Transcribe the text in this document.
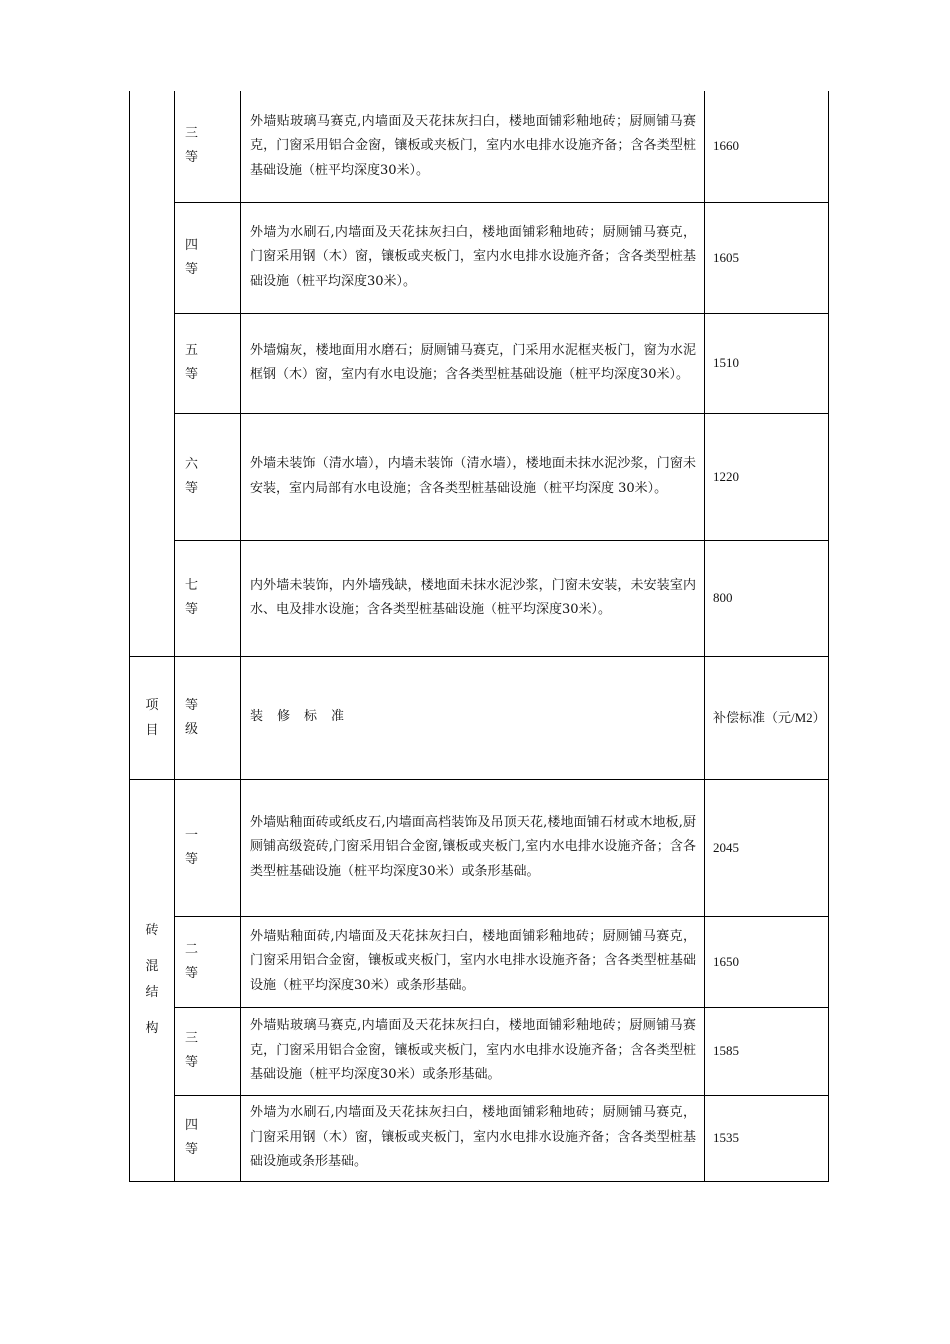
	三
等	外墙贴玻璃马赛克,内墙面及天花抹灰扫白，楼地面铺彩釉地砖；厨厕铺马赛克，门窗采用铝合金窗，镶板或夹板门，室内水电排水设施齐备；含各类型桩基础设施（桩平均深度30米）。	1660

	四
等	外墙为水刷石,内墙面及天花抹灰扫白，楼地面铺彩釉地砖；厨厕铺马赛克，门窗采用钢（木）窗，镶板或夹板门，室内水电排水设施齐备；含各类型桩基础设施（桩平均深度30米）。	1605

	五
等	外墙煽灰，楼地面用水磨石；厨厕铺马赛克，门采用水泥框夹板门，窗为水泥框钢（木）窗，室内有水电设施；含各类型桩基础设施（桩平均深度30米）。	1510

	六
等	外墙未装饰（清水墙），内墙未装饰（清水墙），楼地面未抹水泥沙浆，门窗未安装，室内局部有水电设施；含各类型桩基础设施（桩平均深度 30米）。	1220

	七
等	内外墙未装饰，内外墙残缺，楼地面未抹水泥沙浆，门窗未安装，未安装室内水、电及排水设施；含各类型桩基础设施（桩平均深度30米）。	800

项
目	等
级	装修标准	补偿标准（元/M2）

砖
混
结
构	一
等	外墙贴釉面砖或纸皮石,内墙面高档装饰及吊顶天花,楼地面铺石材或木地板,厨厕铺高级瓷砖,门窗采用铝合金窗,镶板或夹板门,室内水电排水设施齐备；含各类型桩基础设施（桩平均深度30米）或条形基础。	2045

	二
等	外墙贴釉面砖,内墙面及天花抹灰扫白，楼地面铺彩釉地砖；厨厕铺马赛克，门窗采用铝合金窗，镶板或夹板门，室内水电排水设施齐备；含各类型桩基础设施（桩平均深度30米）或条形基础。	1650

	三
等	外墙贴玻璃马赛克,内墙面及天花抹灰扫白，楼地面铺彩釉地砖；厨厕铺马赛克，门窗采用铝合金窗，镶板或夹板门，室内水电排水设施齐备；含各类型桩基础设施（桩平均深度30米）或条形基础。	1585

	四
等	外墙为水刷石,内墙面及天花抹灰扫白，楼地面铺彩釉地砖；厨厕铺马赛克，门窗采用钢（木）窗，镶板或夹板门，室内水电排水设施齐备；含各类型桩基础设施或条形基础。	1535
